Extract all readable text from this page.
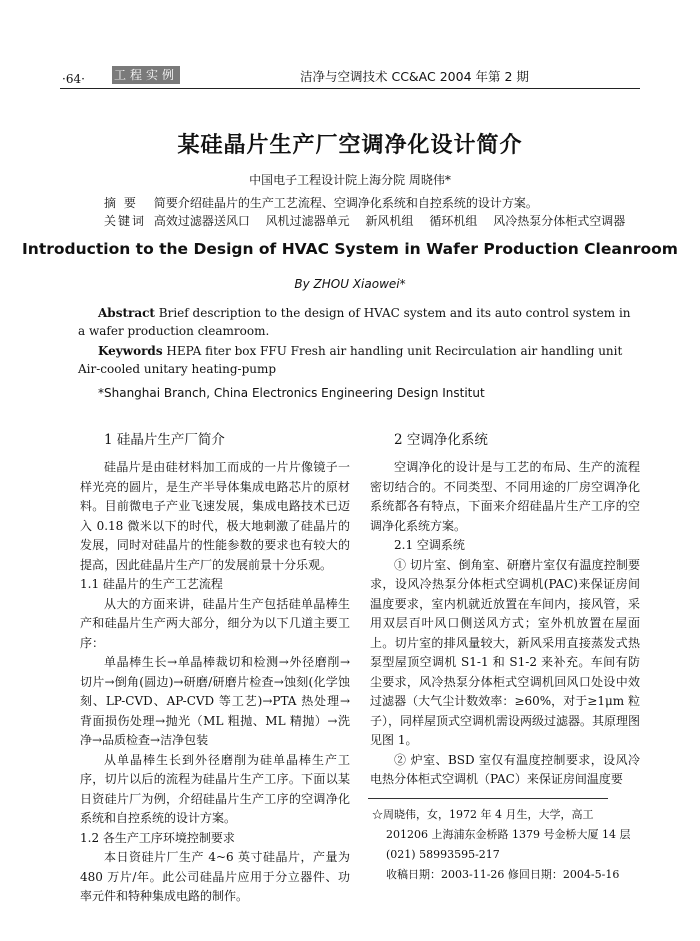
·64· 工程实例	洁净与空调技术 CC&AC 2004 年第 2 期
某硅晶片生产厂空调净化设计简介
中国电子工程设计院上海分院 周晓伟*
摘 要 简要介绍硅晶片的生产工艺流程、空调净化系统和自控系统的设计方案。
关键词 高效过滤器送风口 风机过滤器单元 新风机组 循环机组 风冷热泵分体柜式空调器
Introduction to the Design of HVAC System in Wafer Production Cleanroom
By ZHOU Xiaowei*
Abstract Brief description to the design of HVAC system and its auto control system in a wafer production cleamroom.
Keywords HEPA fiter box FFU Fresh air handling unit Recirculation air handling unit Air-cooled unitary heating-pump
*Shanghai Branch, China Electronics Engineering Design Institut

1 硅晶片生产厂简介

硅晶片是由硅材料加工而成的一片片像镜子一样光亮的圆片，是生产半导体集成电路芯片的原材料。目前微电子产业飞速发展，集成电路技术已迈入 0.18 微米以下的时代，极大地刺激了硅晶片的发展，同时对硅晶片的性能参数的要求也有较大的提高，因此硅晶片生产厂的发展前景十分乐观。

1.1 硅晶片的生产工艺流程

从大的方面来讲，硅晶片生产包括硅单晶棒生产和硅晶片生产两大部分，细分为以下几道主要工序：

单晶棒生长→单晶棒裁切和检测→外径磨削→切片→倒角(圆边)→研磨/研磨片检查→蚀刻(化学蚀刻、LP-CVD、AP-CVD 等工艺)→PTA 热处理→背面损伤处理→抛光（ML 粗抛、ML 精抛）→洗净→品质检查→洁净包装

从单晶棒生长到外径磨削为硅单晶棒生产工序，切片以后的流程为硅晶片生产工序。下面以某日资硅片厂为例，介绍硅晶片生产工序的空调净化系统和自控系统的设计方案。

1.2 各生产工序环境控制要求

本日资硅片厂生产 4~6 英寸硅晶片，产量为 480 万片/年。此公司硅晶片应用于分立器件、功率元件和特种集成电路的制作。

2 空调净化系统

空调净化的设计是与工艺的布局、生产的流程密切结合的。不同类型、不同用途的厂房空调净化系统都各有特点，下面来介绍硅晶片生产工序的空调净化系统方案。

2.1 空调系统

① 切片室、倒角室、研磨片室仅有温度控制要求，设风冷热泵分体柜式空调机(PAC)来保证房间温度要求，室内机就近放置在车间内，接风管，采用双层百叶风口侧送风方式；室外机放置在屋面上。切片室的排风量较大，新风采用直接蒸发式热泵型屋顶空调机 S1-1 和 S1-2 来补充。车间有防尘要求，风冷热泵分体柜式空调机回风口处设中效过滤器（大气尘计数效率：≥60%，对于≥1μm 粒子），同样屋顶式空调机需设两级过滤器。其原理图见图 1。

② 炉室、BSD 室仅有温度控制要求，设风冷电热分体柜式空调机（PAC）来保证房间温度要

☆周晓伟，女，1972 年 4 月生，大学，高工
201206 上海浦东金桥路 1379 号金桥大厦 14 层
(021) 58993595-217
收稿日期：2003-11-26 修回日期：2004-5-16
